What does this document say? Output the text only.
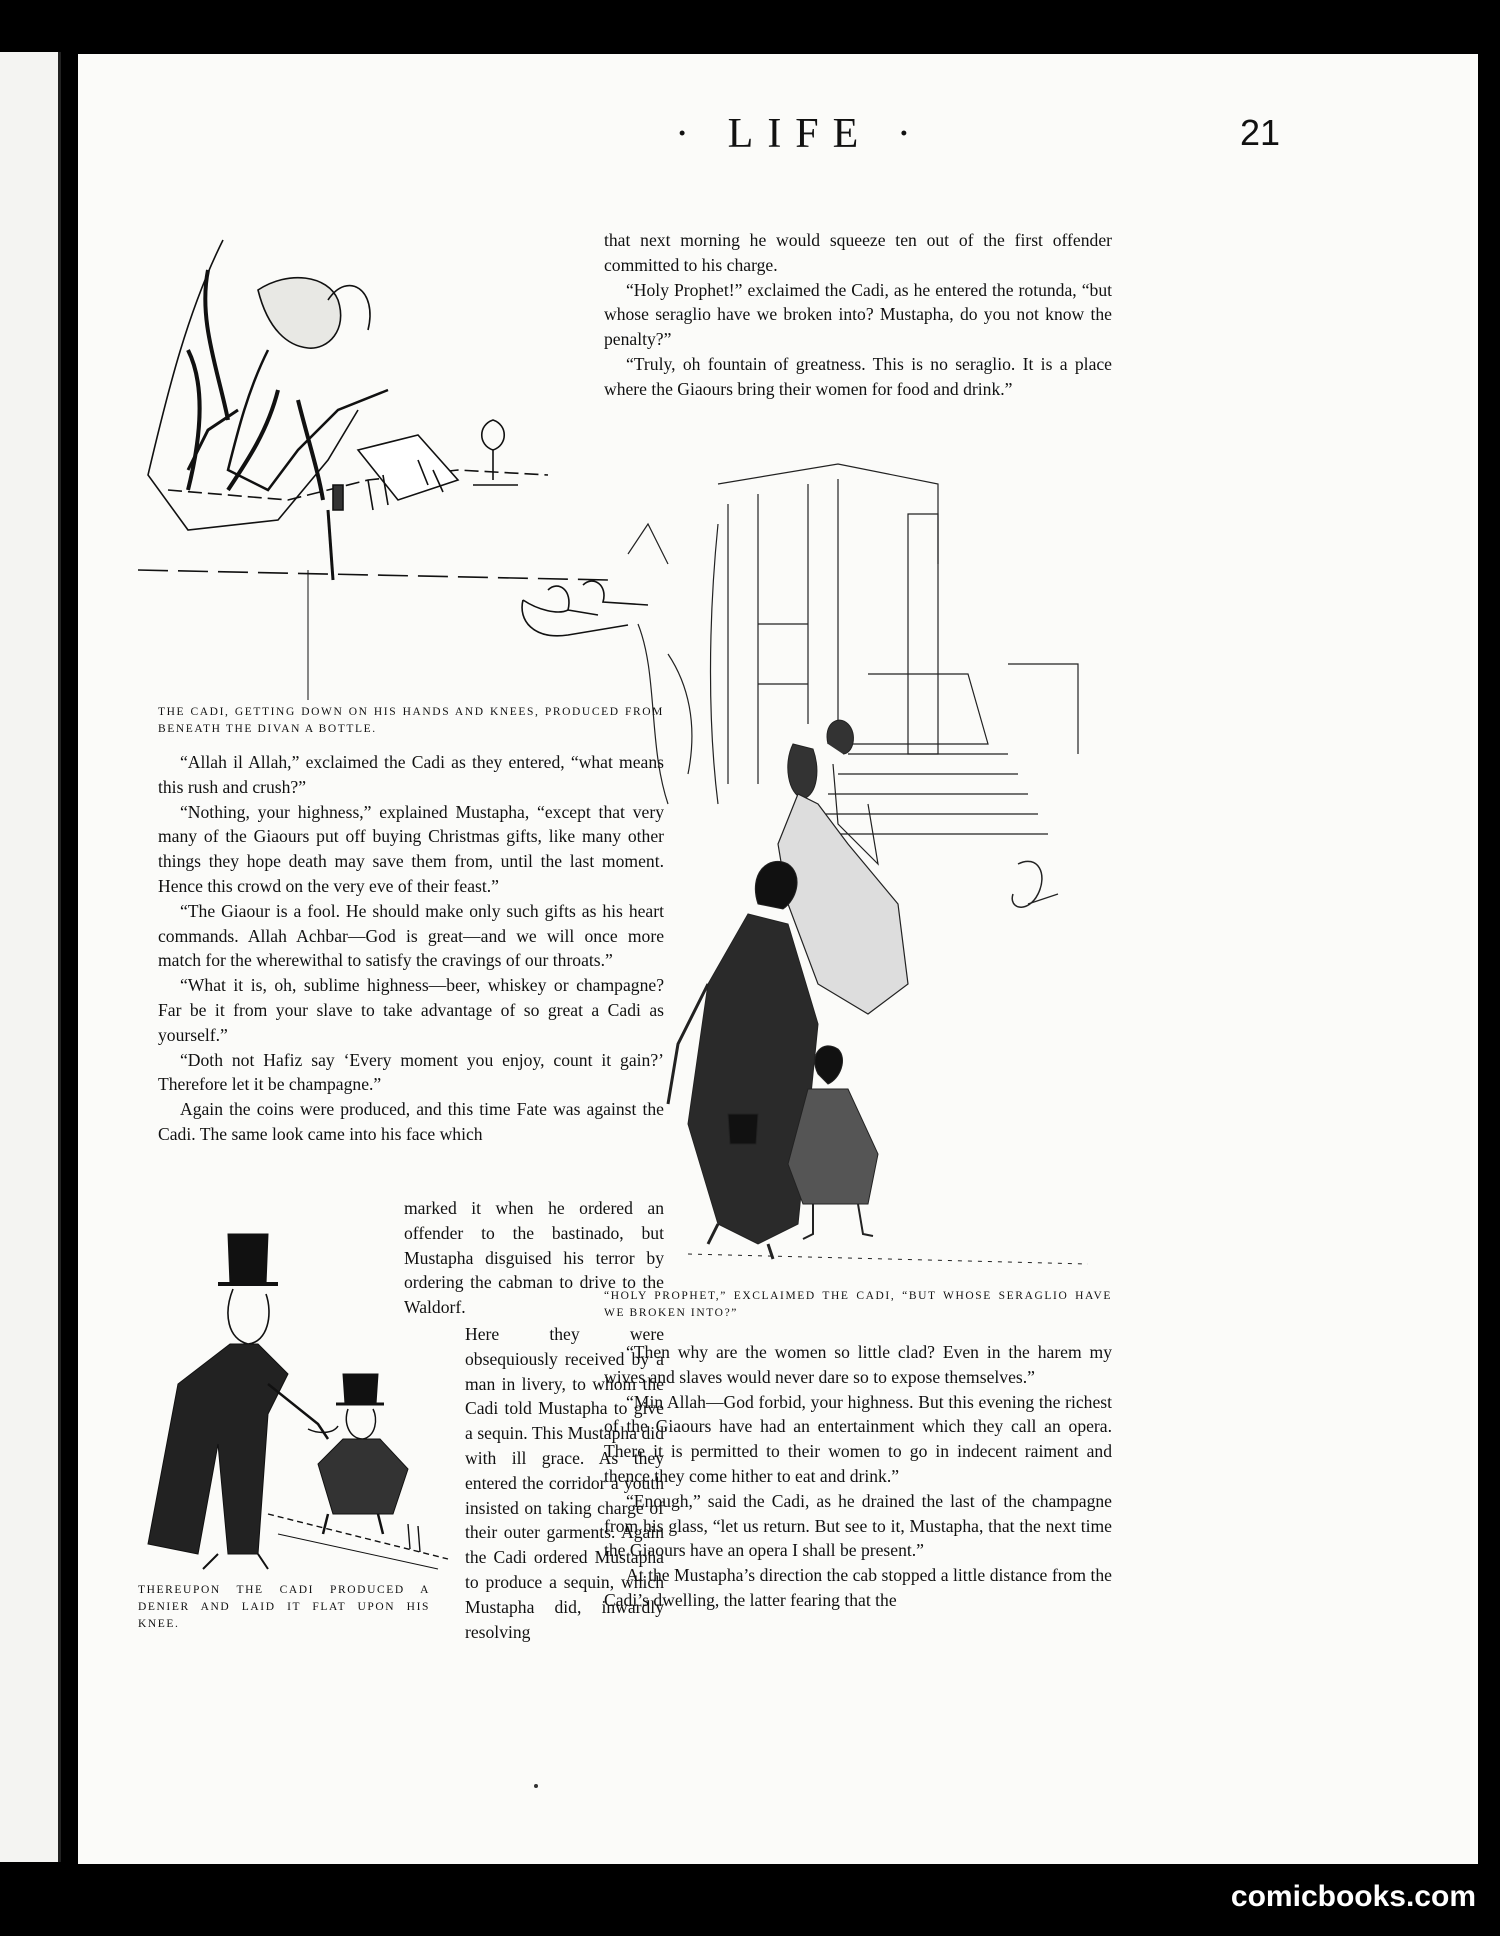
· LIFE ·	21
THE CADI, GETTING DOWN ON HIS HANDS AND KNEES, PRODUCED FROM BENEATH THE DIVAN A BOTTLE.

“Allah il Allah,” exclaimed the Cadi as they entered, “what means this rush and crush?”

“Nothing, your highness,” explained Mustapha, “except that very many of the Giaours put off buying Christmas gifts, like many other things they hope death may save them from, until the last moment. Hence this crowd on the very eve of their feast.”

“The Giaour is a fool. He should make only such gifts as his heart commands. Allah Achbar—God is great—and we will once more match for the wherewithal to satisfy the cravings of our throats.”

“What it is, oh, sublime highness—beer, whiskey or champagne? Far be it from your slave to take advantage of so great a Cadi as yourself.”

“Doth not Hafiz say ‘Every moment you enjoy, count it gain?’ Therefore let it be champagne.”

Again the coins were produced, and this time Fate was against the Cadi. The same look came into his face which

marked it when he ordered an offender to the bastinado, but Mustapha disguised his terror by ordering the cabman to drive to the Waldorf.

Here they were obsequiously received by a man in livery, to whom the Cadi told Mustapha to give a sequin. This Mustapha did with ill grace. As they entered the corridor a youth insisted on taking charge of their outer garments. Again the Cadi ordered Mustapha to produce a sequin, which Mustapha did, inwardly resolving

THEREUPON THE CADI PRODUCED A DENIER AND LAID IT FLAT UPON HIS KNEE.

that next morning he would squeeze ten out of the first offender committed to his charge.

“Holy Prophet!” exclaimed the Cadi, as he entered the rotunda, “but whose seraglio have we broken into? Mustapha, do you not know the penalty?”

“Truly, oh fountain of greatness. This is no seraglio. It is a place where the Giaours bring their women for food and drink.”

“HOLY PROPHET,” EXCLAIMED THE CADI, “BUT WHOSE SERAGLIO HAVE WE BROKEN INTO?”

“Then why are the women so little clad? Even in the harem my wives and slaves would never dare so to expose themselves.”

“Min Allah—God forbid, your highness. But this evening the richest of the Giaours have had an entertainment which they call an opera. There it is permitted to their women to go in indecent raiment and thence they come hither to eat and drink.”

“Enough,” said the Cadi, as he drained the last of the champagne from his glass, “let us return. But see to it, Mustapha, that the next time the Giaours have an opera I shall be present.”

At the Mustapha’s direction the cab stopped a little distance from the Cadi’s dwelling, the latter fearing that the

comicbooks.com
